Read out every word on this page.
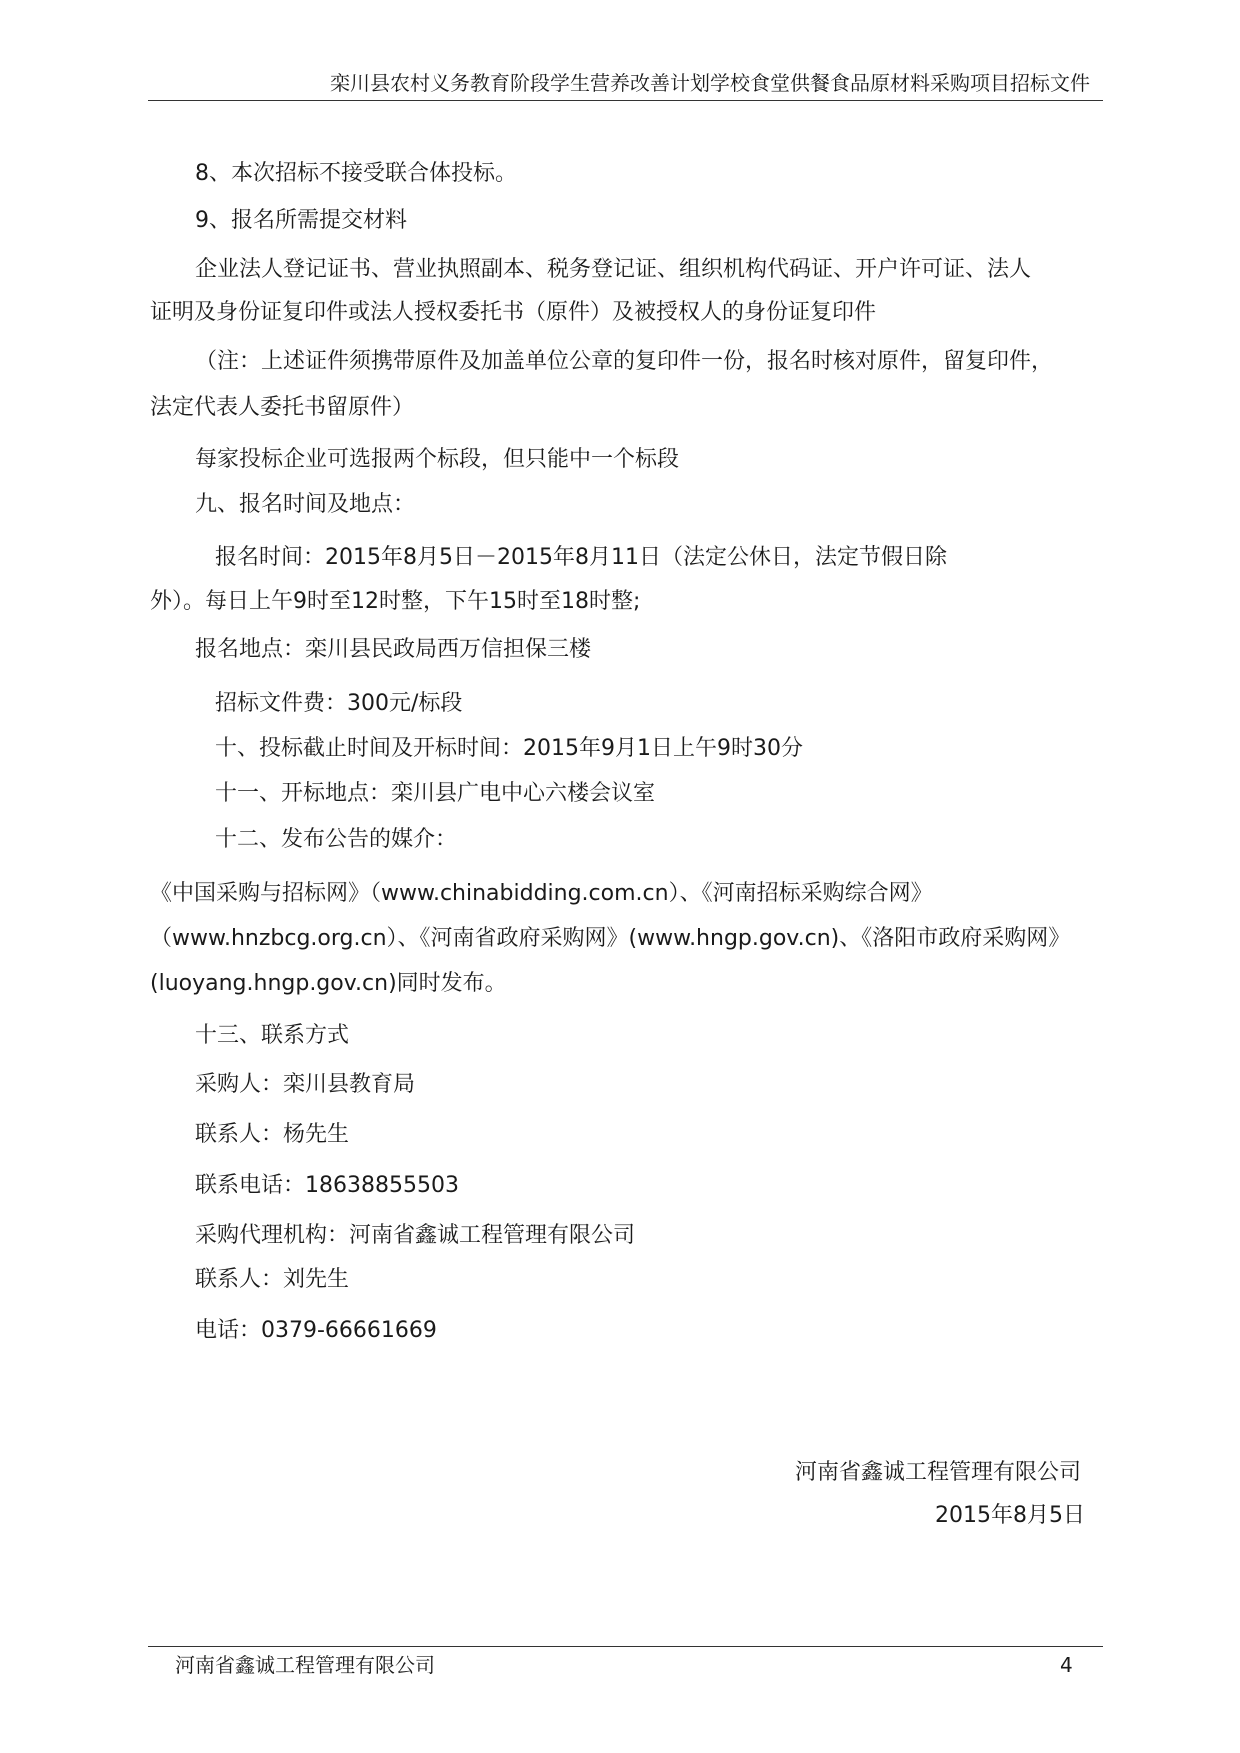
栾川县农村义务教育阶段学生营养改善计划学校食堂供餐食品原材料采购项目招标文件
8、本次招标不接受联合体投标。
9、报名所需提交材料
企业法人登记证书、营业执照副本、税务登记证、组织机构代码证、开户许可证、法人
证明及身份证复印件或法人授权委托书（原件）及被授权人的身份证复印件
（注：上述证件须携带原件及加盖单位公章的复印件一份，报名时核对原件，留复印件，
法定代表人委托书留原件）
每家投标企业可选报两个标段，但只能中一个标段
九、报名时间及地点：
报名时间：2015年8月5日－2015年8月11日（法定公休日，法定节假日除
外）。每日上午9时至12时整，下午15时至18时整;
报名地点：栾川县民政局西万信担保三楼
招标文件费：300元/标段
十、投标截止时间及开标时间：2015年9月1日上午9时30分
十一、开标地点：栾川县广电中心六楼会议室
十二、发布公告的媒介：
《中国采购与招标网》（www.chinabidding.com.cn）、《河南招标采购综合网》
（www.hnzbcg.org.cn）、《河南省政府采购网》(www.hngp.gov.cn)、《洛阳市政府采购网》
(luoyang.hngp.gov.cn)同时发布。
十三、联系方式
采购人：栾川县教育局
联系人：杨先生
联系电话：18638855503
采购代理机构：河南省鑫诚工程管理有限公司
联系人：刘先生
电话：0379-66661669
河南省鑫诚工程管理有限公司
2015年8月5日
河南省鑫诚工程管理有限公司	4
